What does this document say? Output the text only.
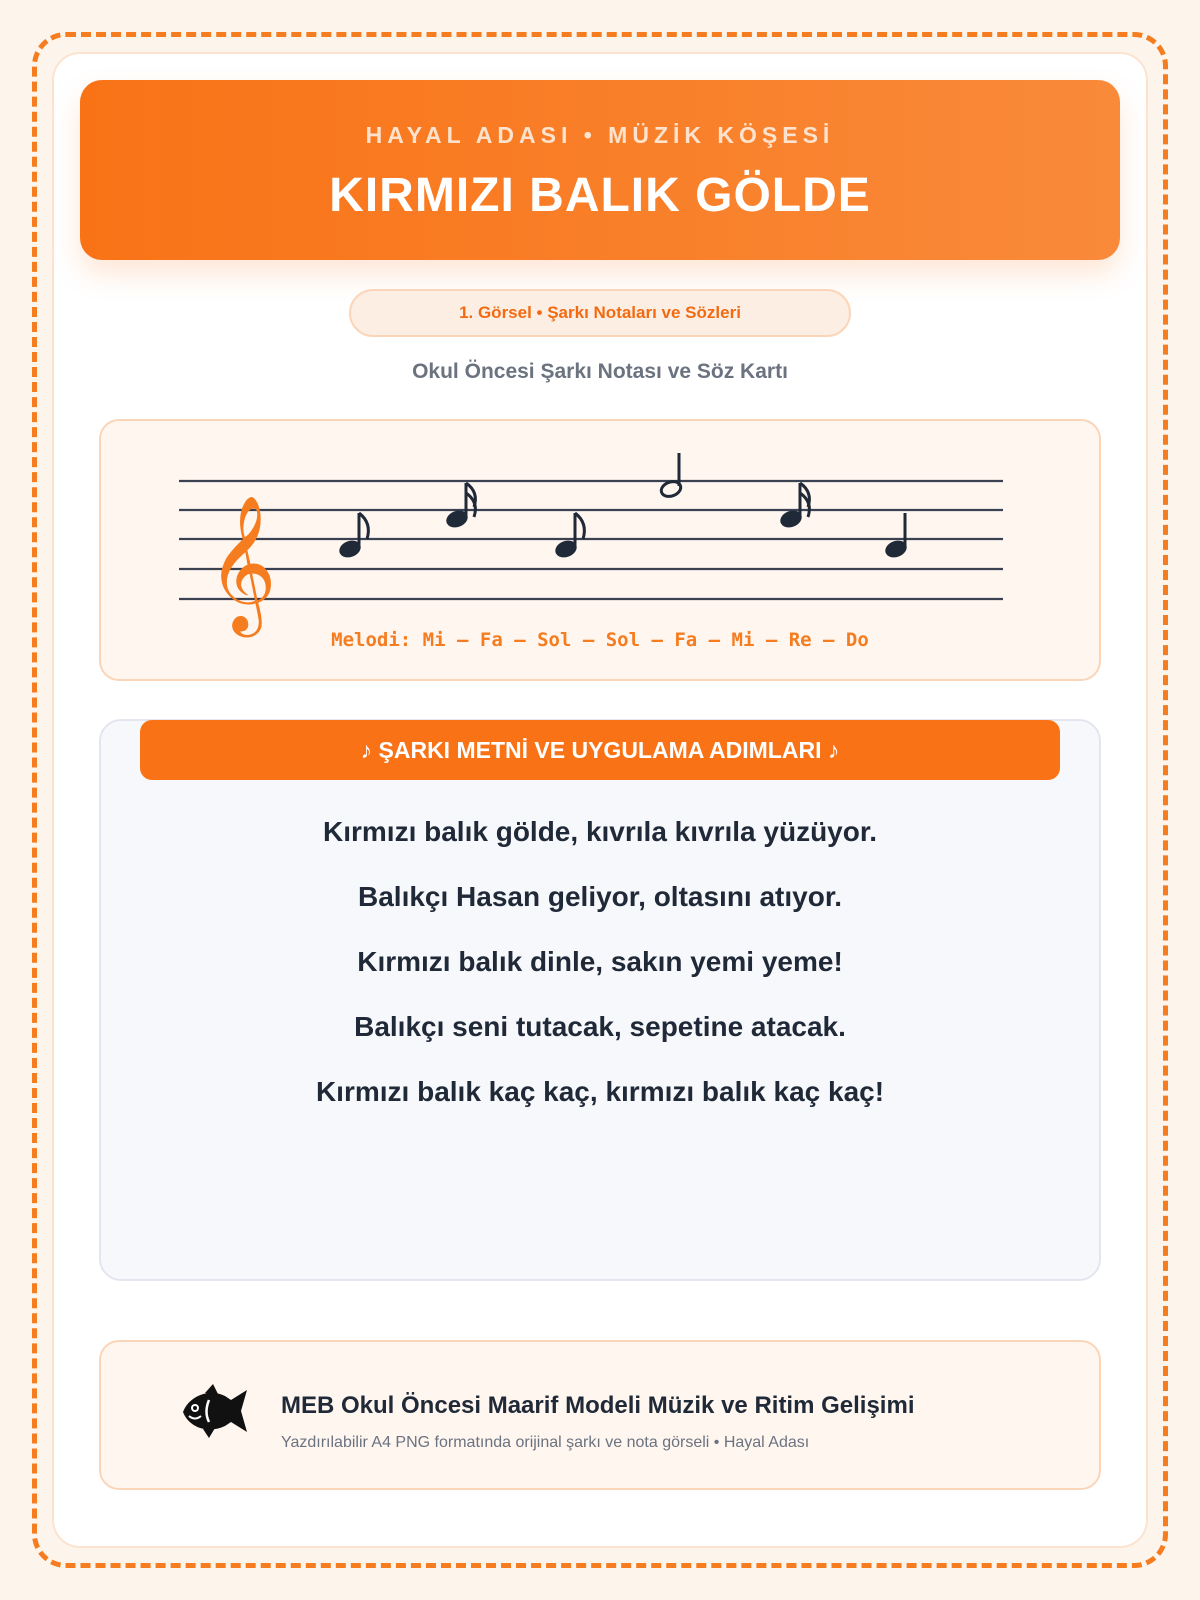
HAYAL ADASI • MÜZİK KÖŞESİ
KIRMIZI BALIK GÖLDE
1. Görsel • Şarkı Notaları ve Sözleri
Okul Öncesi Şarkı Notası ve Söz Kartı
𝄞
Melodi: Mi – Fa – Sol – Sol – Fa – Mi – Re – Do
♪ ŞARKI METNİ VE UYGULAMA ADIMLARI ♪
Kırmızı balık gölde, kıvrıla kıvrıla yüzüyor.
Balıkçı Hasan geliyor, oltasını atıyor.
Kırmızı balık dinle, sakın yemi yeme!
Balıkçı seni tutacak, sepetine atacak.
Kırmızı balık kaç kaç, kırmızı balık kaç kaç!
MEB Okul Öncesi Maarif Modeli Müzik ve Ritim Gelişimi
Yazdırılabilir A4 PNG formatında orijinal şarkı ve nota görseli • Hayal Adası
